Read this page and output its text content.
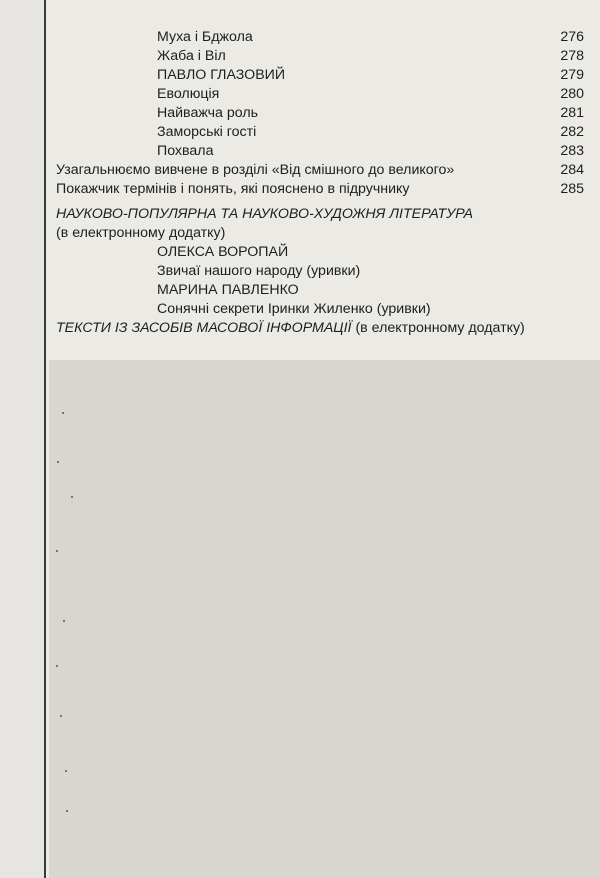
Муха і Бджола	276
Жаба і Віл	278
ПАВЛО ГЛАЗОВИЙ	279
Еволюція	280
Найважча роль	281
Заморські гості	282
Похвала	283
Узагальнюємо вивчене в розділі «Від смішного до великого»	284
Покажчик термінів і понять, які пояснено в підручнику	285
НАУКОВО-ПОПУЛЯРНА ТА НАУКОВО-ХУДОЖНЯ ЛІТЕРАТУРА
(в електронному додатку)
ОЛЕКСА ВОРОПАЙ
Звичаї нашого народу (уривки)
МАРИНА ПАВЛЕНКО
Сонячні секрети Іринки Жиленко (уривки)
ТЕКСТИ ІЗ ЗАСОБІВ МАСОВОЇ ІНФОРМАЦІЇ (в електронному додатку)
